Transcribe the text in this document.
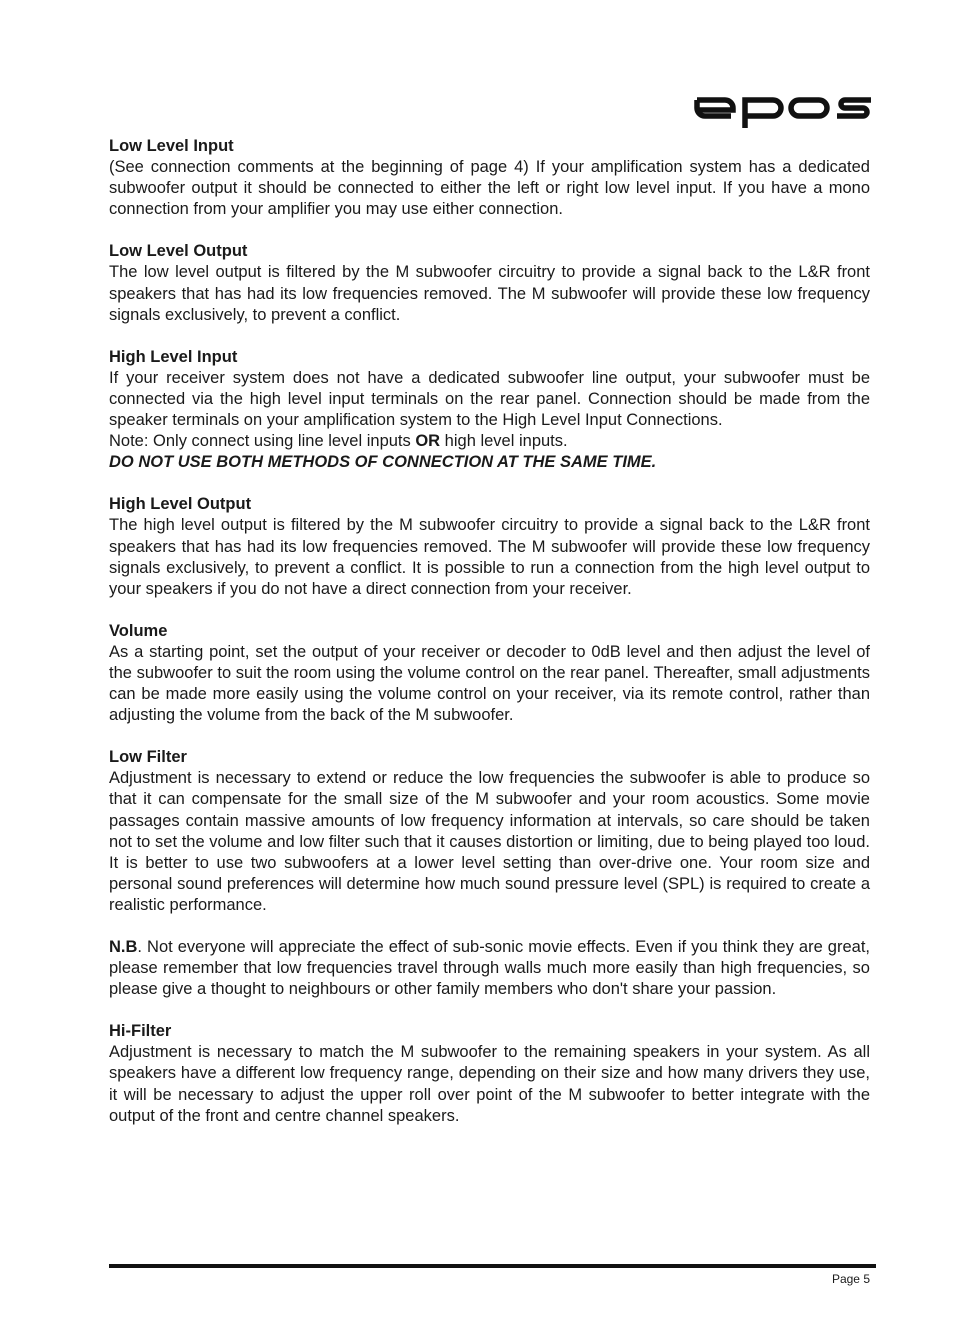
Low Level Input

(See connection comments at the beginning of page 4) If your amplification system has a dedicated subwoofer output it should be connected to either the left or right low level input. If you have a mono connection from your amplifier you may use either connection.

Low Level Output

The low level output is filtered by the M subwoofer circuitry to provide a signal back to the L&R front speakers that has had its low frequencies removed. The M subwoofer will provide these low frequency signals exclusively, to prevent a conflict.

High Level Input

If your receiver system does not have a dedicated subwoofer line output, your subwoofer must be connected via the high level input terminals on the rear panel. Connection should be made from the speaker terminals on your amplification system to the High Level Input Connections.

Note: Only connect using line level inputs OR high level inputs.

DO NOT USE BOTH METHODS OF CONNECTION AT THE SAME TIME.
High Level Output

The high level output is filtered by the M subwoofer circuitry to provide a signal back to the L&R front speakers that has had its low frequencies removed. The M subwoofer will provide these low frequency signals exclusively, to prevent a conflict. It is possible to run a connection from the high level output to your speakers if you do not have a direct connection from your receiver.

Volume

As a starting point, set the output of your receiver or decoder to 0dB level and then adjust the level of the subwoofer to suit the room using the volume control on the rear panel. Thereafter, small adjustments can be made more easily using the volume control on your receiver, via its remote control, rather than adjusting the volume from the back of the M subwoofer.

Low Filter

Adjustment is necessary to extend or reduce the low frequencies the subwoofer is able to produce so that it can compensate for the small size of the M subwoofer and your room acoustics. Some movie passages contain massive amounts of low frequency information at intervals, so care should be taken not to set the volume and low filter such that it causes distortion or limiting, due to being played too loud. It is better to use two subwoofers at a lower level setting than over-drive one. Your room size and personal sound preferences will determine how much sound pressure level (SPL) is required to create a realistic performance.

N.B. Not everyone will appreciate the effect of sub-sonic movie effects. Even if you think they are great, please remember that low frequencies travel through walls much more easily than high frequencies, so please give a thought to neighbours or other family members who don't share your passion.

Hi-Filter

Adjustment is necessary to match the M subwoofer to the remaining speakers in your system. As all speakers have a different low frequency range, depending on their size and how many drivers they use, it will be necessary to adjust the upper roll over point of the M subwoofer to better integrate with the output of the front and centre channel speakers.

Page 5
